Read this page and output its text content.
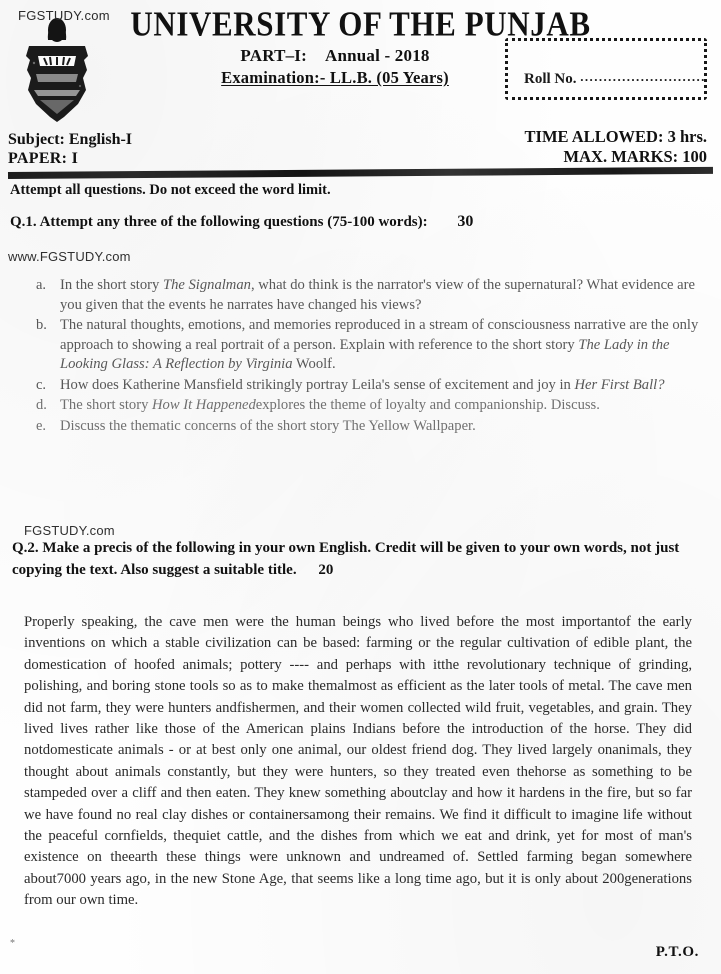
FGSTUDY.com UNIVERSITY OF THE PUNJAB
PART–I: Annual - 2018
Examination:- LL.B. (05 Years)	Roll No. ...........................
Subject: English-I
PAPER: I
TIME ALLOWED: 3 hrs.
MAX. MARKS: 100
Attempt all questions. Do not exceed the word limit.
Q.1. Attempt any three of the following questions (75-100 words): 30
www.FGSTUDY.com
a. In the short story The Signalman, what do think is the narrator's view of the supernatural? What evidence are you given that the events he narrates have changed his views?
b. The natural thoughts, emotions, and memories reproduced in a stream of consciousness narrative are the only approach to showing a real portrait of a person. Explain with reference to the short story The Lady in the Looking Glass: A Reflection by Virginia Woolf.
c. How does Katherine Mansfield strikingly portray Leila's sense of excitement and joy in Her First Ball?
d. The short story How It Happenedexplores the theme of loyalty and companionship. Discuss.
e. Discuss the thematic concerns of the short story The Yellow Wallpaper.
FGSTUDY.com
Q.2. Make a precis of the following in your own English. Credit will be given to your own words, not just copying the text. Also suggest a suitable title. 20
Properly speaking, the cave men were the human beings who lived before the most importantof the early inventions on which a stable civilization can be based: farming or the regular cultivation of edible plant, the domestication of hoofed animals; pottery ---- and perhaps with itthe revolutionary technique of grinding, polishing, and boring stone tools so as to make themalmost as efficient as the later tools of metal. The cave men did not farm, they were hunters andfishermen, and their women collected wild fruit, vegetables, and grain. They lived lives rather like those of the American plains Indians before the introduction of the horse. They did notdomesticate animals - or at best only one animal, our oldest friend dog. They lived largely onanimals, they thought about animals constantly, but they were hunters, so they treated even thehorse as something to be stampeded over a cliff and then eaten. They knew something aboutclay and how it hardens in the fire, but so far we have found no real clay dishes or containersamong their remains. We find it difficult to imagine life without the peaceful cornfields, thequiet cattle, and the dishes from which we eat and drink, yet for most of man's existence on theearth these things were unknown and undreamed of. Settled farming began somewhere about7000 years ago, in the new Stone Age, that seems like a long time ago, but it is only about 200generations from our own time.
*
P.T.O.
